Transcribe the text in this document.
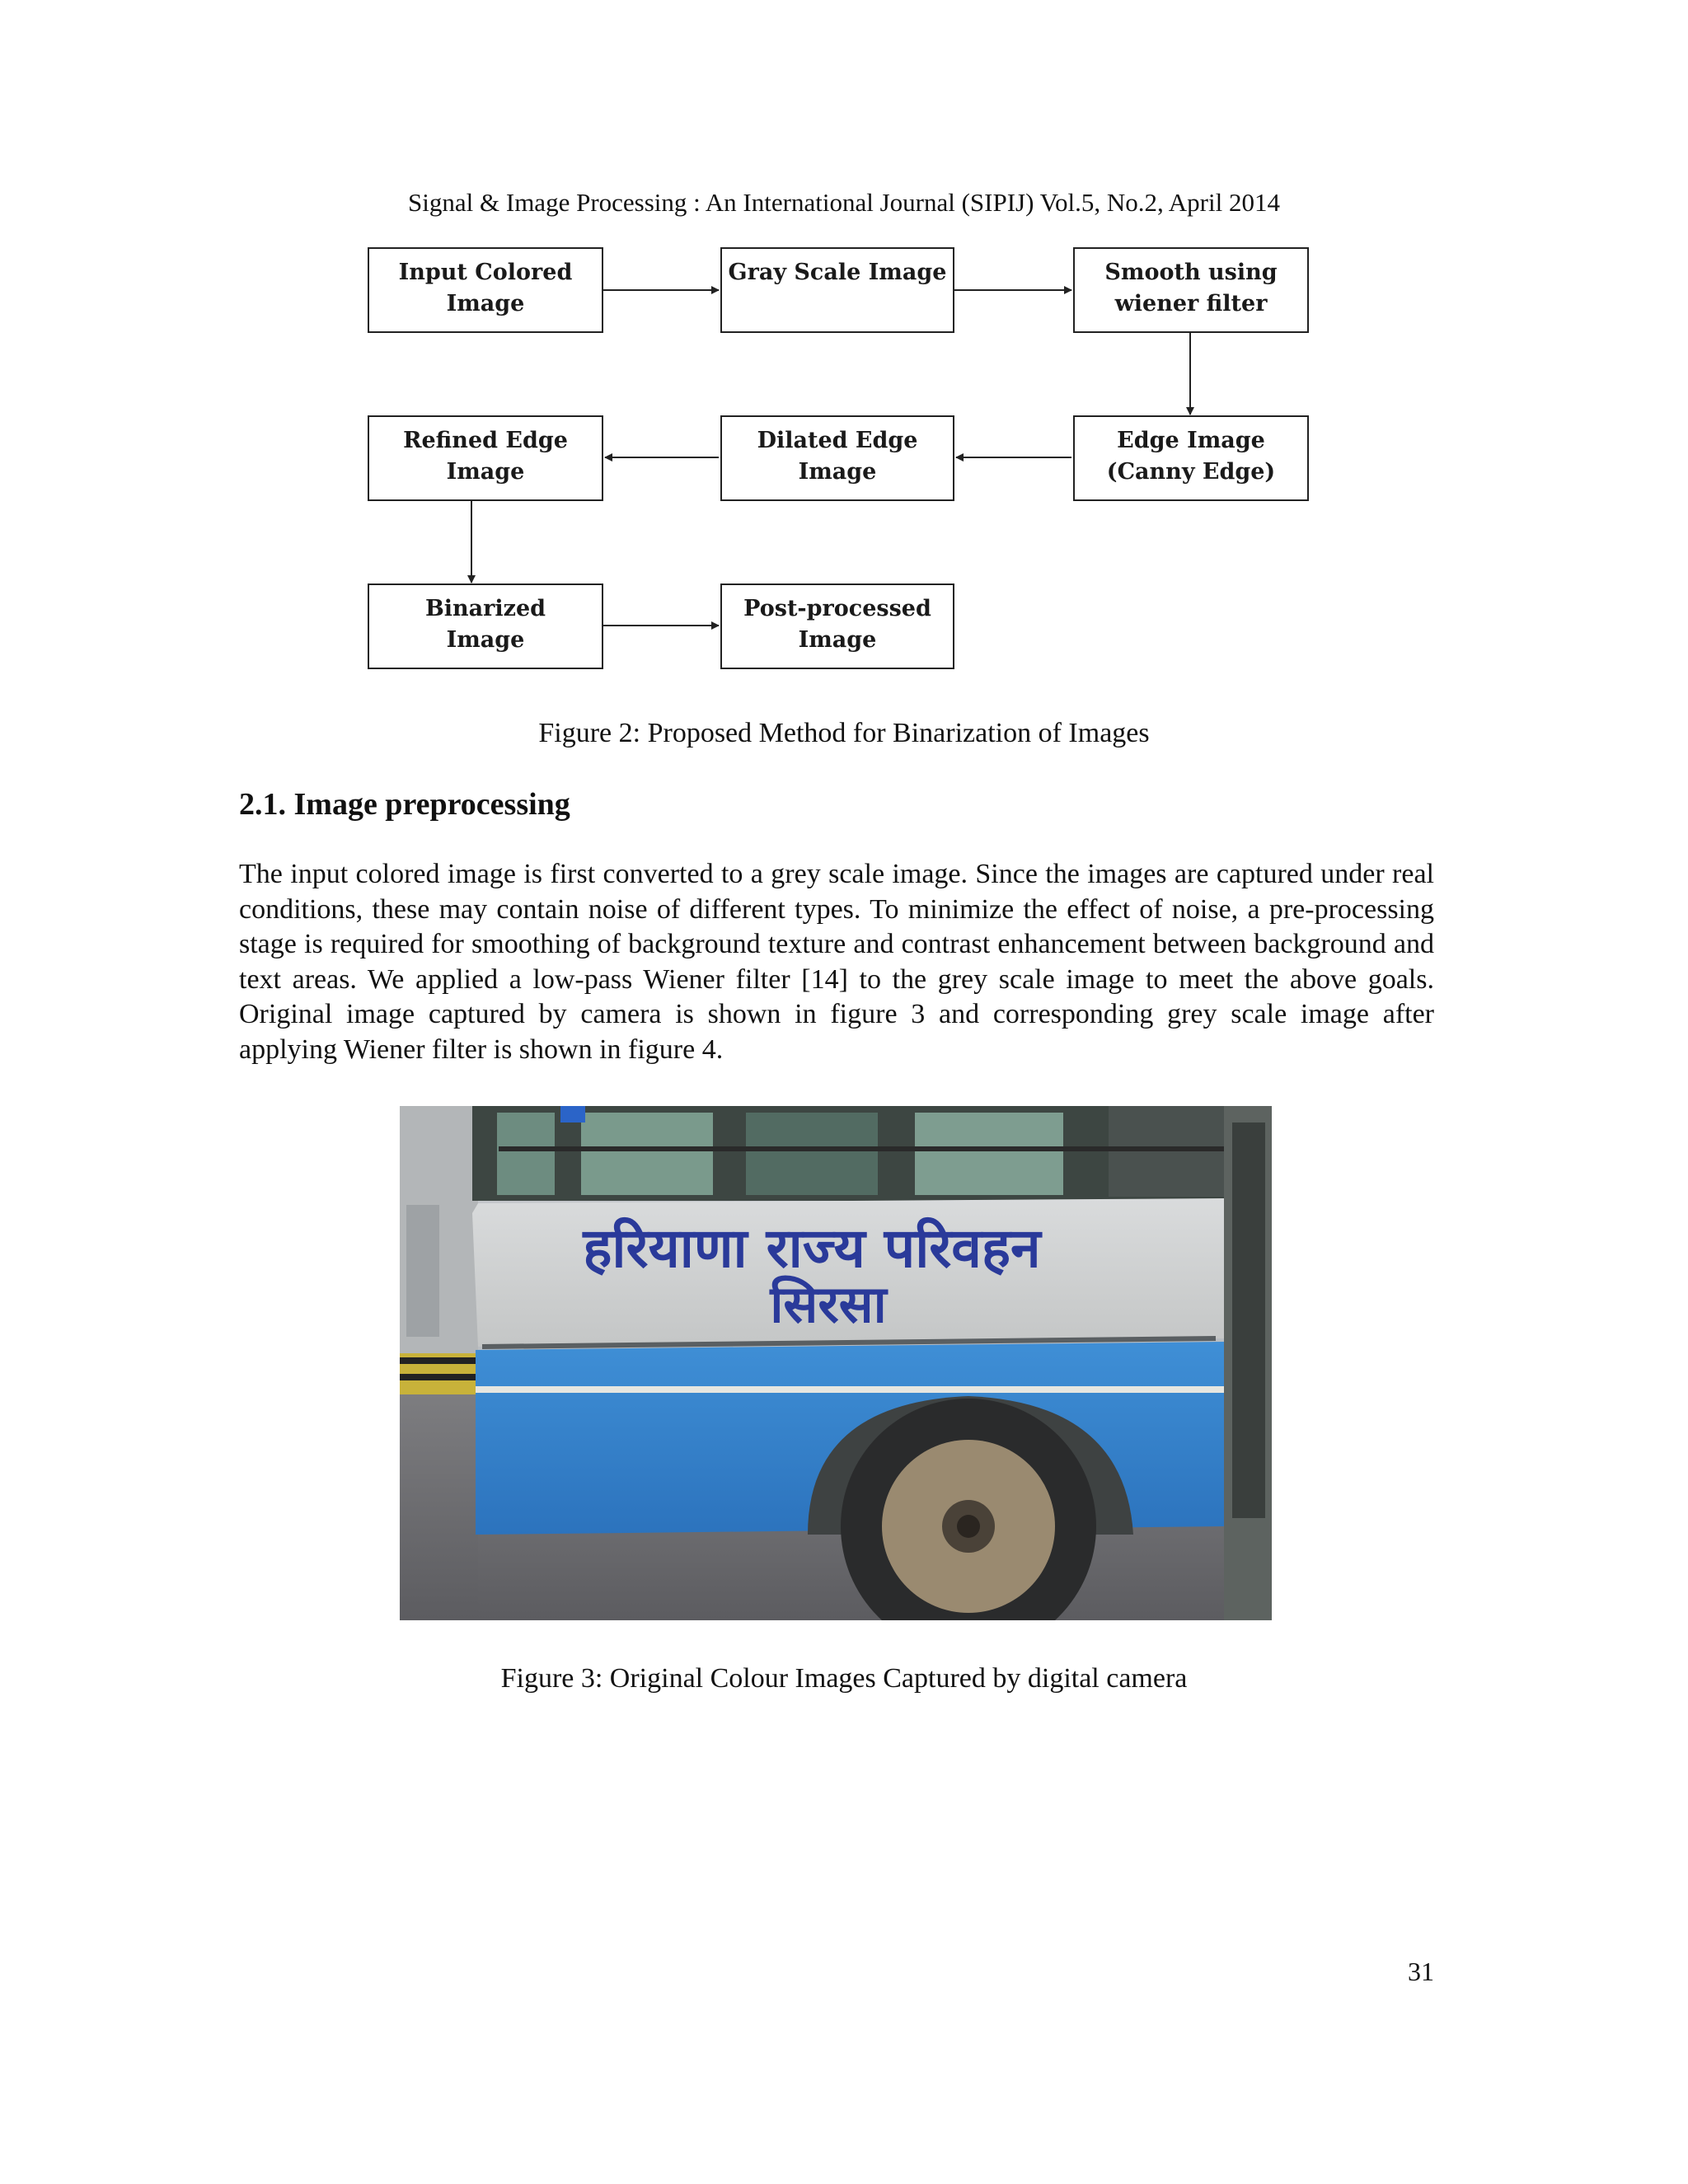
Signal & Image Processing : An International Journal (SIPIJ) Vol.5, No.2, April 2014
Input Colored
Image
Gray Scale Image	Smooth using
wiener filter
Refined Edge
Image
Dilated Edge
Image
Edge Image
(Canny Edge)
Binarized
Image
Post-processed
Image
Figure 2: Proposed Method for Binarization of Images
2.1. Image preprocessing
The input colored image is first converted to a grey scale image. Since the images are captured under real conditions, these may contain noise of different types. To minimize the effect of noise, a pre-processing stage is required for smoothing of background texture and contrast enhancement between background and text areas. We applied a low-pass Wiener filter [14] to the grey scale image to meet the above goals. Original image captured by camera is shown in figure 3 and corresponding grey scale image after applying Wiener filter is shown in figure 4.
हरियाणा राज्य परिवहन
सिरसा
Figure 3: Original Colour Images Captured by digital camera
31
